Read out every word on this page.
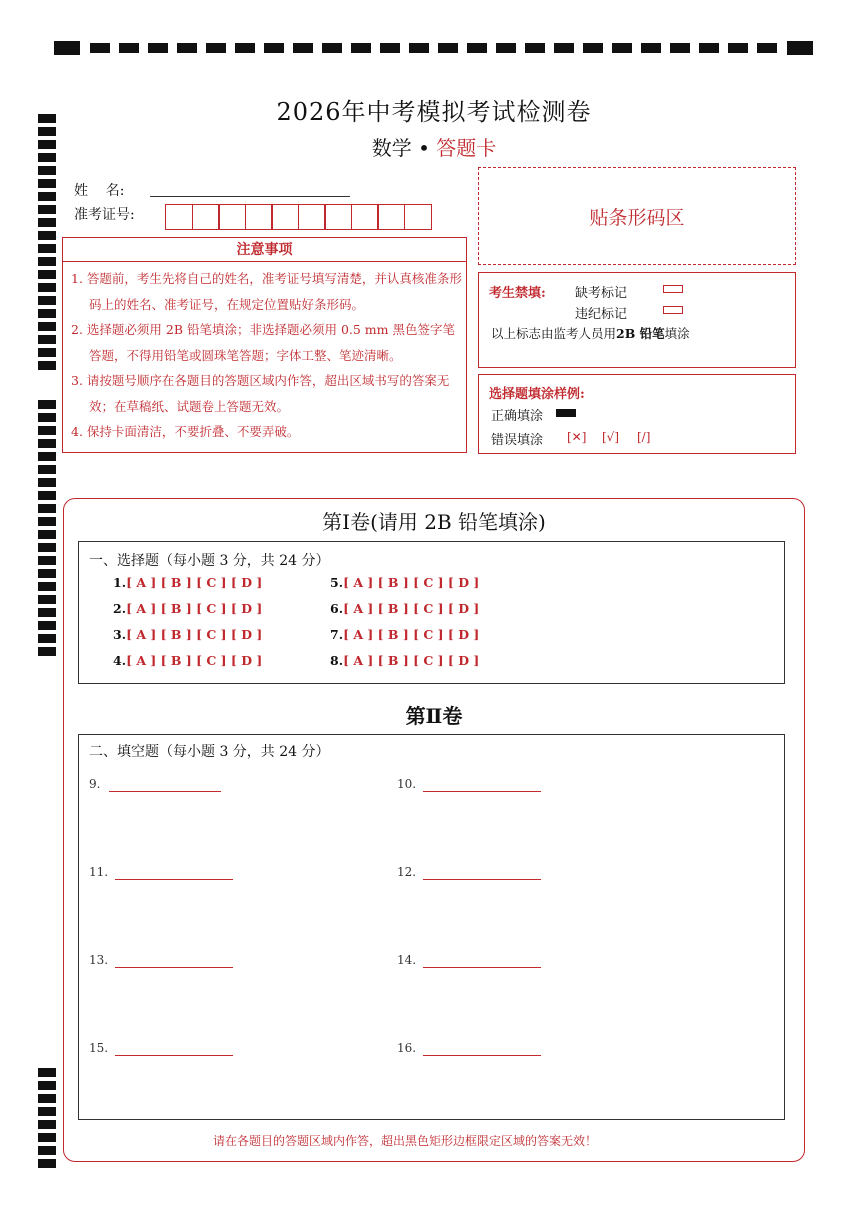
2026年中考模拟考试检测卷
数学 • 答题卡
姓    名:
准考证号:	贴条形码区
注意事项
1. 答题前，考生先将自己的姓名，准考证号填写清楚，并认真核准条形码上的姓名、准考证号，在规定位置贴好条形码。
2. 选择题必须用 2B 铅笔填涂；非选择题必须用 0.5 mm 黑色签字笔答题，不得用铅笔或圆珠笔答题；字体工整、笔迹清晰。
3. 请按题号顺序在各题目的答题区域内作答，超出区域书写的答案无效；在草稿纸、试题卷上答题无效。
4. 保持卡面清洁，不要折叠、不要弄破。
考生禁填: 缺考标记
违纪标记
以上标志由监考人员用2B 铅笔填涂
选择题填涂样例:
正确填涂
错误填涂 [✕] [√] [/]
第Ⅰ卷(请用 2B 铅笔填涂)
一、选择题（每小题 3 分，共 24 分）
1.[ A ] [ B ] [ C ] [ D ]
2.[ A ] [ B ] [ C ] [ D ]
3.[ A ] [ B ] [ C ] [ D ]
4.[ A ] [ B ] [ C ] [ D ]
5.[ A ] [ B ] [ C ] [ D ]
6.[ A ] [ B ] [ C ] [ D ]
7.[ A ] [ B ] [ C ] [ D ]
8.[ A ] [ B ] [ C ] [ D ]
第Ⅱ卷
二、填空题（每小题 3 分，共 24 分）
9.	10.
11.	12.
13.	14.
15.	16.
请在各题目的答题区域内作答，超出黑色矩形边框限定区域的答案无效！
